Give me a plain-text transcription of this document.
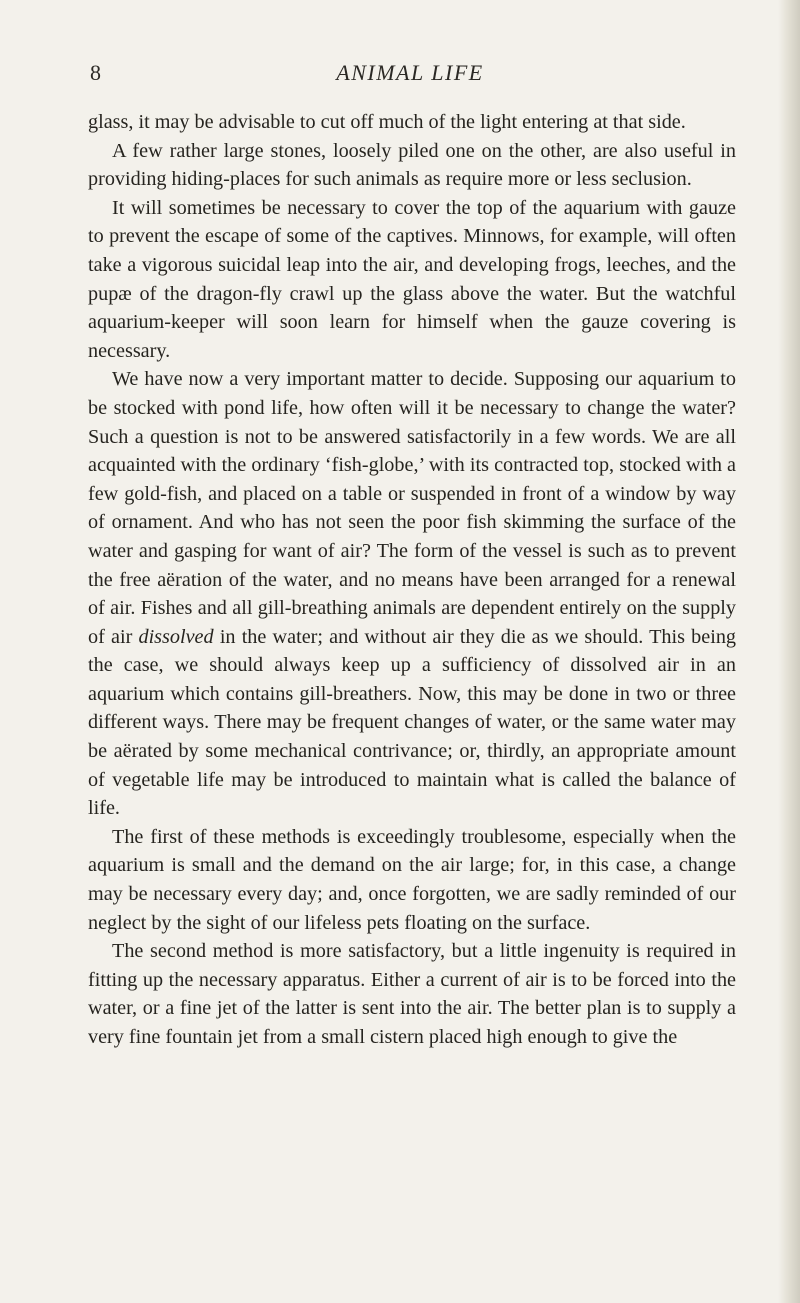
8	ANIMAL LIFE

glass, it may be advisable to cut off much of the light entering at that side.

A few rather large stones, loosely piled one on the other, are also useful in providing hiding-places for such animals as require more or less seclusion.

It will sometimes be necessary to cover the top of the aquarium with gauze to prevent the escape of some of the captives. Minnows, for example, will often take a vigorous suicidal leap into the air, and developing frogs, leeches, and the pupæ of the dragon-fly crawl up the glass above the water. But the watchful aquarium-keeper will soon learn for himself when the gauze covering is necessary.

We have now a very important matter to decide. Supposing our aquarium to be stocked with pond life, how often will it be necessary to change the water? Such a question is not to be answered satisfactorily in a few words. We are all acquainted with the ordinary ‘fish-globe,’ with its contracted top, stocked with a few gold-fish, and placed on a table or suspended in front of a window by way of ornament. And who has not seen the poor fish skimming the surface of the water and gasping for want of air? The form of the vessel is such as to prevent the free aëration of the water, and no means have been arranged for a renewal of air. Fishes and all gill-breathing animals are dependent entirely on the supply of air dissolved in the water; and without air they die as we should. This being the case, we should always keep up a sufficiency of dissolved air in an aquarium which contains gill-breathers. Now, this may be done in two or three different ways. There may be frequent changes of water, or the same water may be aërated by some mechanical contrivance; or, thirdly, an appropriate amount of vegetable life may be introduced to maintain what is called the balance of life.

The first of these methods is exceedingly troublesome, especially when the aquarium is small and the demand on the air large; for, in this case, a change may be necessary every day; and, once forgotten, we are sadly reminded of our neglect by the sight of our lifeless pets floating on the surface.

The second method is more satisfactory, but a little ingenuity is required in fitting up the necessary apparatus. Either a current of air is to be forced into the water, or a fine jet of the latter is sent into the air. The better plan is to supply a very fine fountain jet from a small cistern placed high enough to give the
